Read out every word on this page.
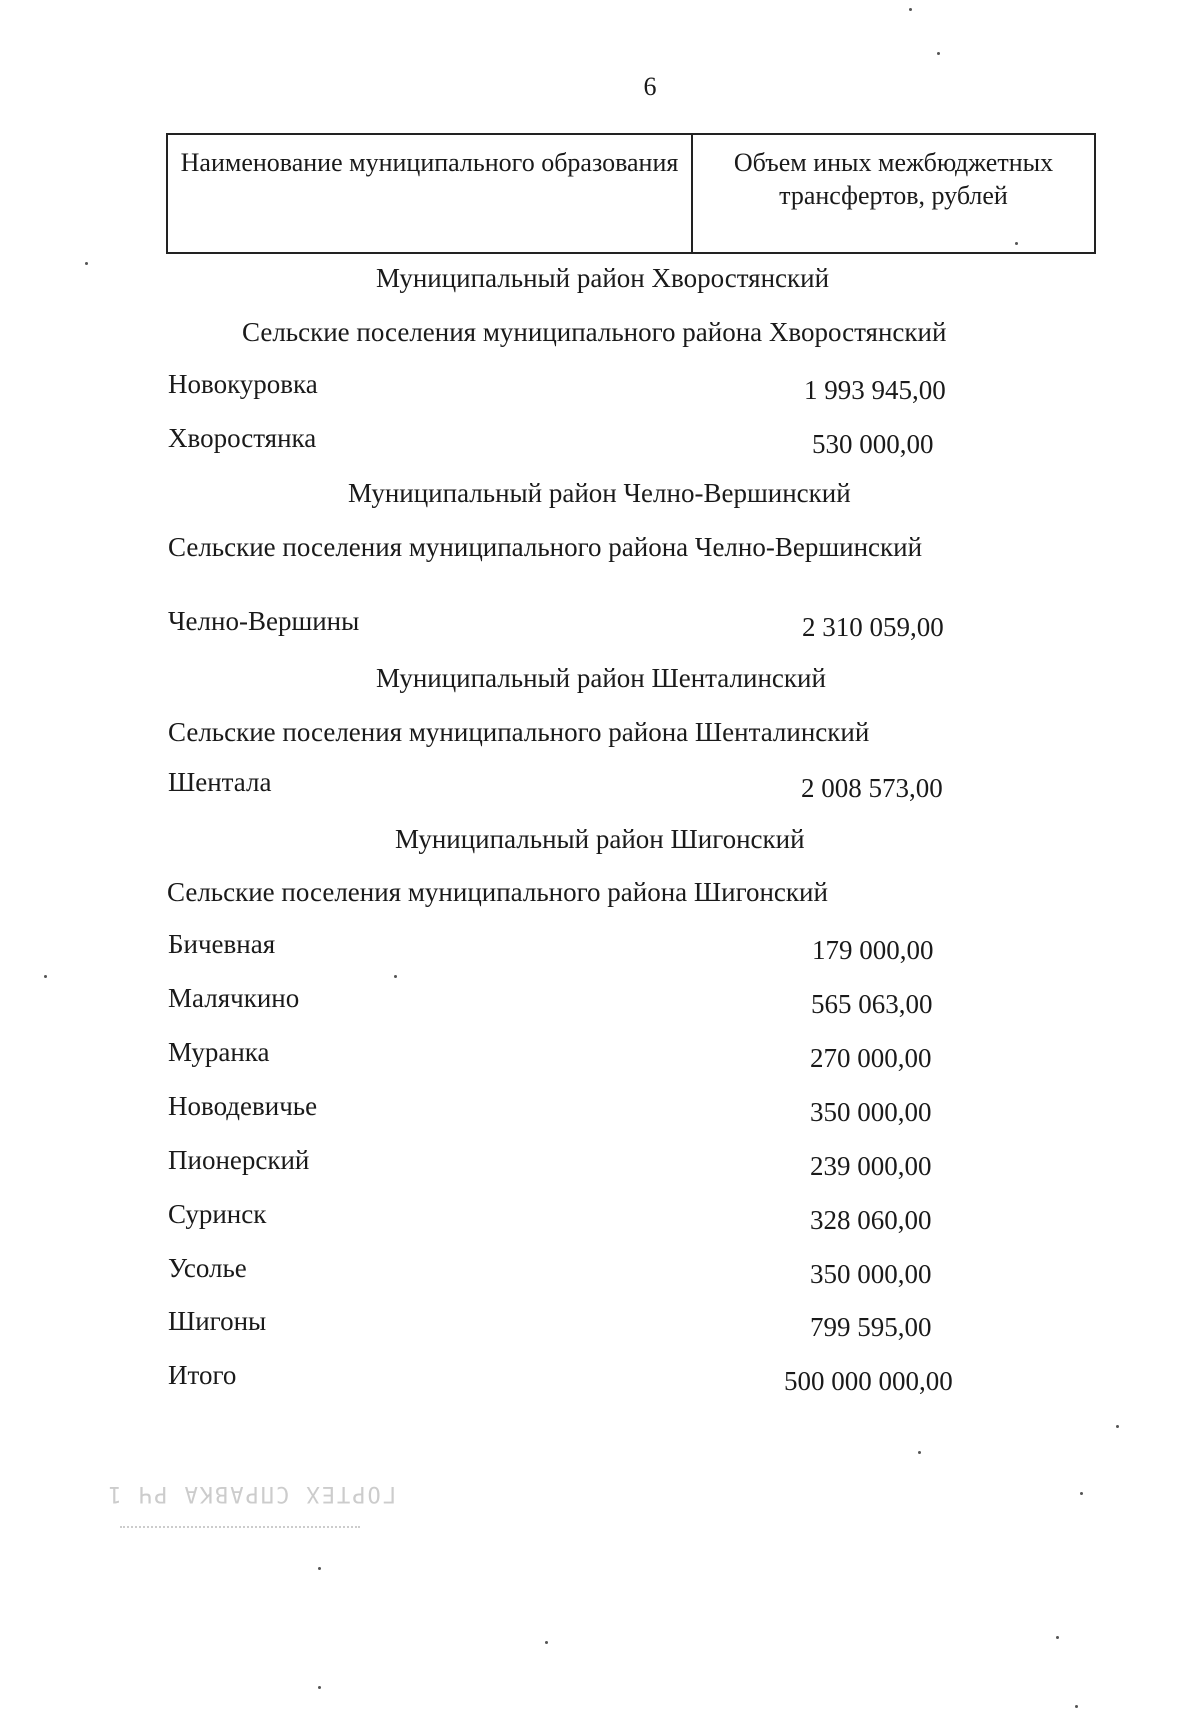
6
Наименование муниципального образования	Объем иных межбюджетных трансфертов, рублей
Муниципальный район Хворостянский
Сельские поселения муниципального района Хворостянский
Новокуровка	1 993 945,00
Хворостянка	530 000,00
Муниципальный район Челно-Вершинский
Сельские поселения муниципального района Челно-Вершинский
Челно-Вершины	2 310 059,00
Муниципальный район Шенталинский
Сельские поселения муниципального района Шенталинский
Шентала	2 008 573,00
Муниципальный район Шигонский
Сельские поселения муниципального района Шигонский
Бичевная	179 000,00
Малячкино	565 063,00
Муранка	270 000,00
Новодевичье	350 000,00
Пионерский	239 000,00
Суринск	328 060,00
Усолье	350 000,00
Шигоны	799 595,00
Итого	500 000 000,00
ГОРТЕХ СПРАВКА РЧ 1
